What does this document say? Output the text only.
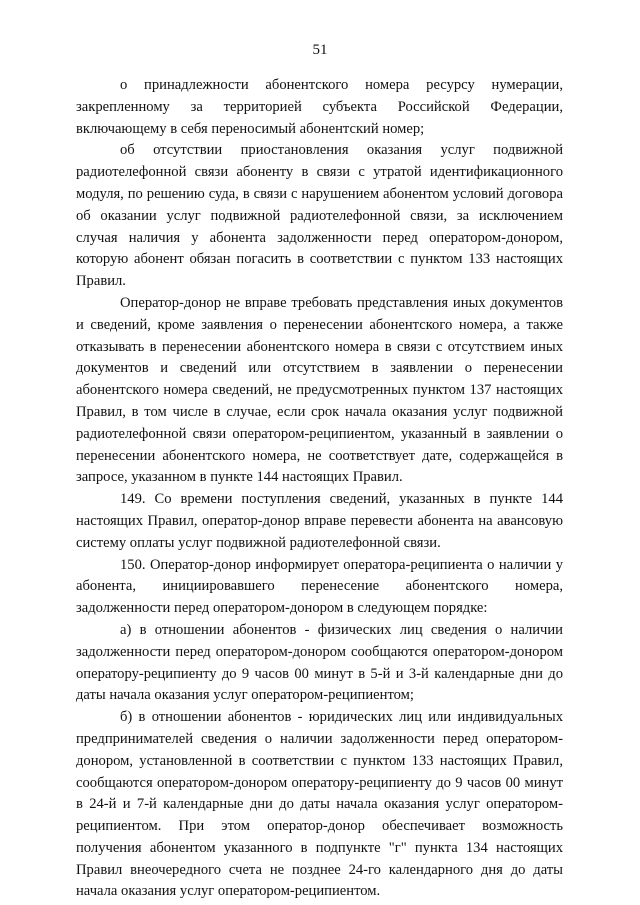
51

о принадлежности абонентского номера ресурсу нумерации, закрепленному за территорией субъекта Российской Федерации, включающему в себя переносимый абонентский номер;

об отсутствии приостановления оказания услуг подвижной радиотелефонной связи абоненту в связи с утратой идентификационного модуля, по решению суда, в связи с нарушением абонентом условий договора об оказании услуг подвижной радиотелефонной связи, за исключением случая наличия у абонента задолженности перед оператором-донором, которую абонент обязан погасить в соответствии с пунктом 133 настоящих Правил.

Оператор-донор не вправе требовать представления иных документов и сведений, кроме заявления о перенесении абонентского номера, а также отказывать в перенесении абонентского номера в связи с отсутствием иных документов и сведений или отсутствием в заявлении о перенесении абонентского номера сведений, не предусмотренных пунктом 137 настоящих Правил, в том числе в случае, если срок начала оказания услуг подвижной радиотелефонной связи оператором-реципиентом, указанный в заявлении о перенесении абонентского номера, не соответствует дате, содержащейся в запросе, указанном в пункте 144 настоящих Правил.

149. Со времени поступления сведений, указанных в пункте 144 настоящих Правил, оператор-донор вправе перевести абонента на авансовую систему оплаты услуг подвижной радиотелефонной связи.

150. Оператор-донор информирует оператора-реципиента о наличии у абонента, инициировавшего перенесение абонентского номера, задолженности перед оператором-донором в следующем порядке:

а) в отношении абонентов - физических лиц сведения о наличии задолженности перед оператором-донором сообщаются оператором-донором оператору-реципиенту до 9 часов 00 минут в 5-й и 3-й календарные дни до даты начала оказания услуг оператором-реципиентом;

б) в отношении абонентов - юридических лиц или индивидуальных предпринимателей сведения о наличии задолженности перед оператором-донором, установленной в соответствии с пунктом 133 настоящих Правил, сообщаются оператором-донором оператору-реципиенту до 9 часов 00 минут в 24-й и 7-й календарные дни до даты начала оказания услуг оператором-реципиентом. При этом оператор-донор обеспечивает возможность получения абонентом указанного в подпункте "г" пункта 134 настоящих Правил внеочередного счета не позднее 24-го календарного дня до даты начала оказания услуг оператором-реципиентом.
